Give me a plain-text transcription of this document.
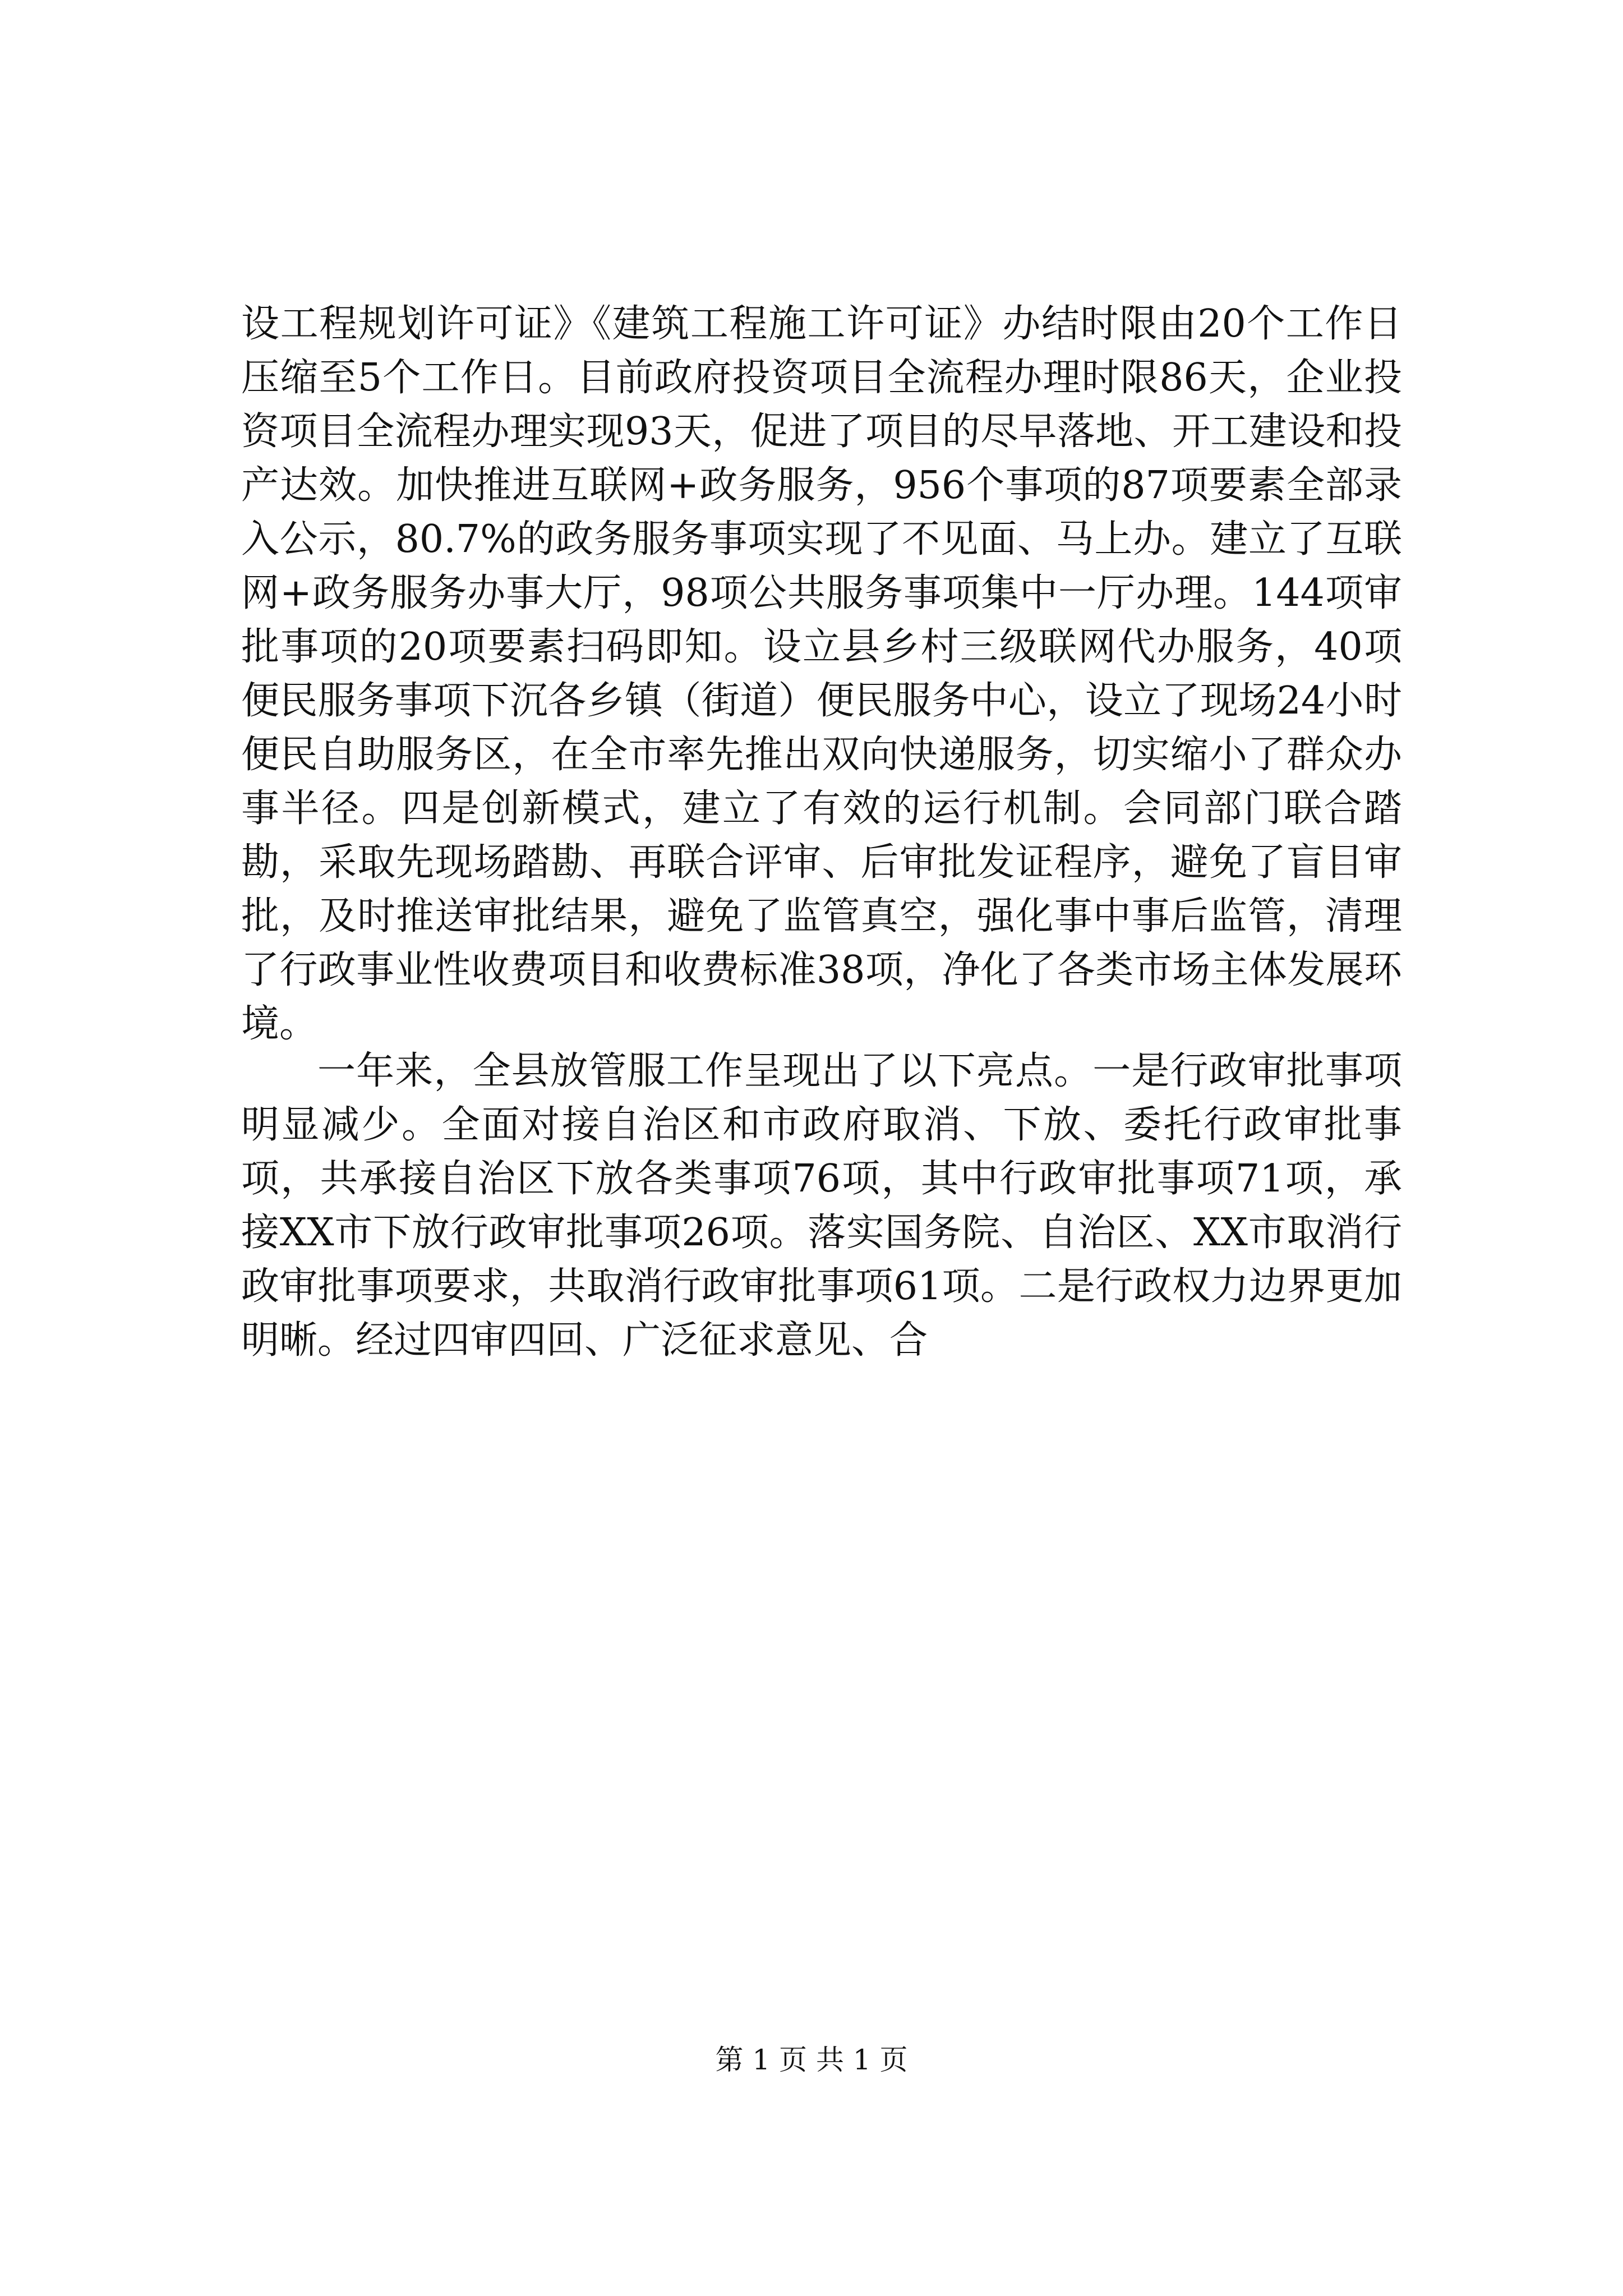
设工程规划许可证》《建筑工程施工许可证》办结时限由20个工作日压缩至5个工作日。目前政府投资项目全流程办理时限86天，企业投资项目全流程办理实现93天，促进了项目的尽早落地、开工建设和投产达效。加快推进互联网+政务服务，956个事项的87项要素全部录入公示，80.7%的政务服务事项实现了不见面、马上办。建立了互联网+政务服务办事大厅，98项公共服务事项集中一厅办理。144项审批事项的20项要素扫码即知。设立县乡村三级联网代办服务，40项便民服务事项下沉各乡镇（街道）便民服务中心，设立了现场24小时便民自助服务区，在全市率先推出双向快递服务，切实缩小了群众办事半径。四是创新模式，建立了有效的运行机制。会同部门联合踏勘，采取先现场踏勘、再联合评审、后审批发证程序，避免了盲目审批，及时推送审批结果，避免了监管真空，强化事中事后监管，清理了行政事业性收费项目和收费标准38项，净化了各类市场主体发展环境。

一年来，全县放管服工作呈现出了以下亮点。一是行政审批事项明显减少。全面对接自治区和市政府取消、下放、委托行政审批事项，共承接自治区下放各类事项76项，其中行政审批事项71项，承接XX市下放行政审批事项26项。落实国务院、自治区、XX市取消行政审批事项要求，共取消行政审批事项61项。二是行政权力边界更加明晰。经过四审四回、广泛征求意见、合

第 1 页 共 1 页
